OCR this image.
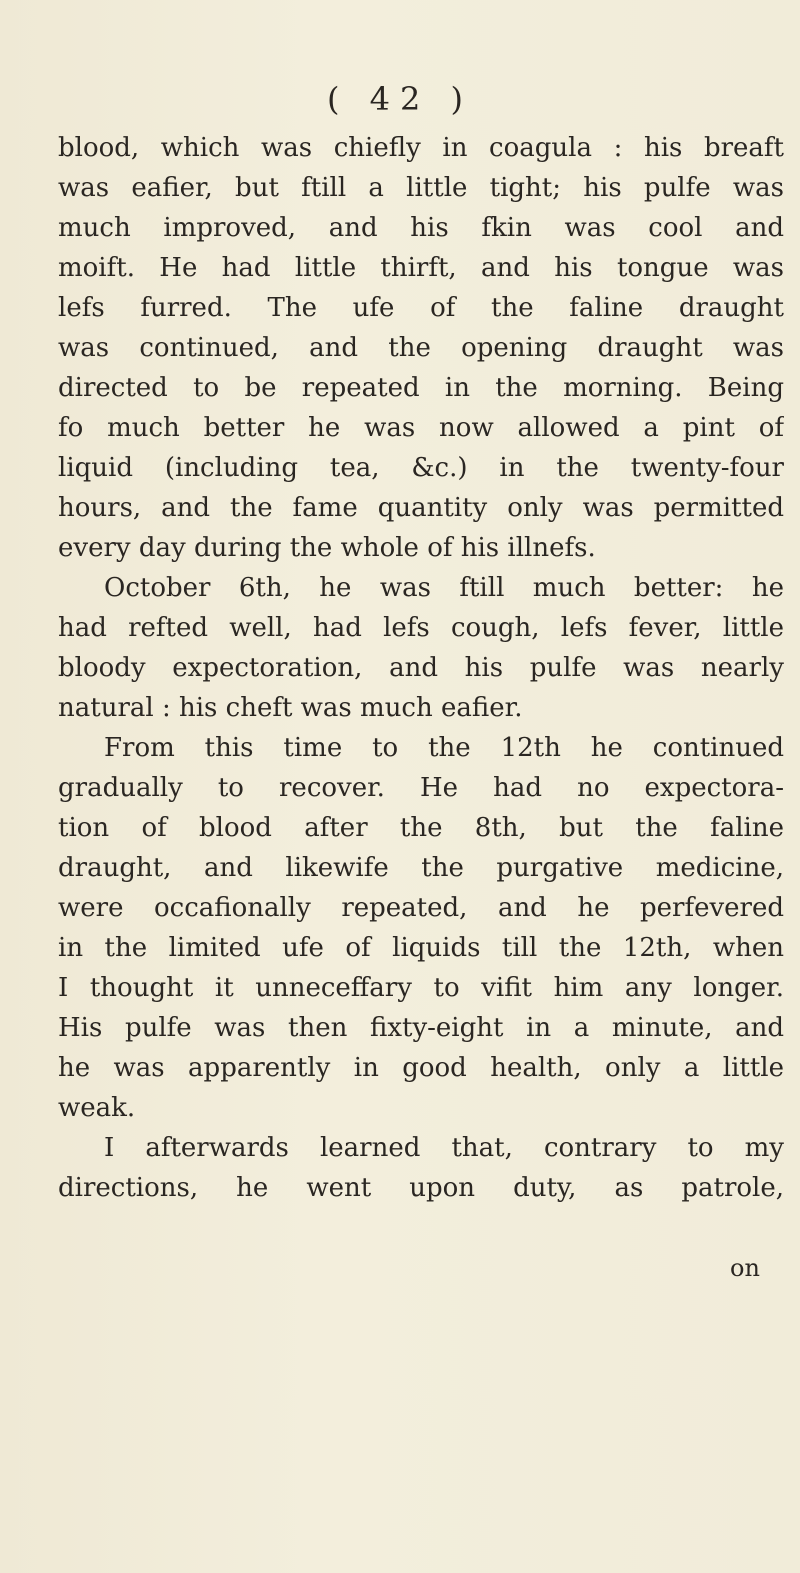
( 42 )
blood, which was chiefly in coagula : his breaft
was eafier, but ftill a little tight; his pulfe was
much improved, and his fkin was cool and
moift. He had little thirft, and his tongue was
lefs furred. The ufe of the faline draught
was continued, and the opening draught was
directed to be repeated in the morning. Being
fo much better he was now allowed a pint of
liquid (including tea, &c.) in the twenty-four
hours, and the fame quantity only was permitted
every day during the whole of his illnefs.
October 6th, he was ftill much better: he
had refted well, had lefs cough, lefs fever, little
bloody expectoration, and his pulfe was nearly
natural : his cheft was much eafier.
From this time to the 12th he continued
gradually to recover. He had no expectora-
tion of blood after the 8th, but the faline
draught, and likewife the purgative medicine,
were occafionally repeated, and he perfevered
in the limited ufe of liquids till the 12th, when
I thought it unneceffary to vifit him any longer.
His pulfe was then fixty-eight in a minute, and
he was apparently in good health, only a little
weak.
I afterwards learned that, contrary to my
directions, he went upon duty, as patrole,
on
